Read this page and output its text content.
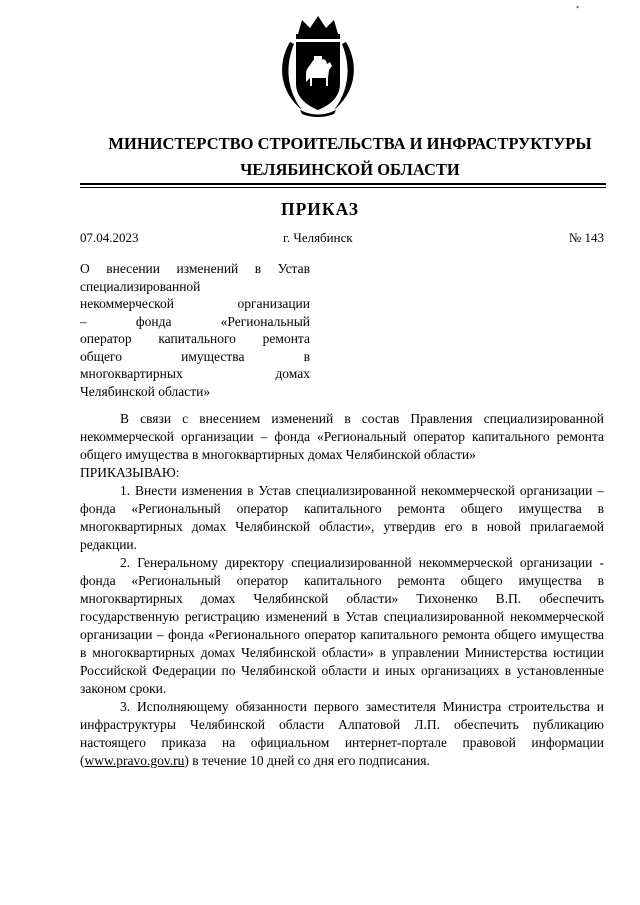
*
МИНИСТЕРСТВО СТРОИТЕЛЬСТВА И ИНФРАСТРУКТУРЫ
ЧЕЛЯБИНСКОЙ ОБЛАСТИ
ПРИКАЗ
07.04.2023	г. Челябинск	№ 143
О внесении изменений в Устав
специализированной
некоммерческой организации
– фонда «Региональный
оператор капитального ремонта
общего имущества в
многоквартирных домах
Челябинской области»

В связи с внесением изменений в состав Правления специализированной некоммерческой организации – фонда «Региональный оператор капитального ремонта общего имущества в многоквартирных домах Челябинской области»

ПРИКАЗЫВАЮ:

1. Внести изменения в Устав специализированной некоммерческой организации – фонда «Региональный оператор капитального ремонта общего имущества в многоквартирных домах Челябинской области», утвердив его в новой прилагаемой редакции.

2. Генеральному директору специализированной некоммерческой организации - фонда «Региональный оператор капитального ремонта общего имущества в многоквартирных домах Челябинской области» Тихоненко В.П. обеспечить государственную регистрацию изменений в Устав специализированной некоммерческой организации – фонда «Регионального оператор капитального ремонта общего имущества в многоквартирных домах Челябинской области» в управлении Министерства юстиции Российской Федерации по Челябинской области и иных организациях в установленные законом сроки.

3. Исполняющему обязанности первого заместителя Министра строительства и инфраструктуры Челябинской области Алпатовой Л.П. обеспечить публикацию настоящего приказа на официальном интернет-портале правовой информации (www.pravo.gov.ru) в течение 10 дней со дня его подписания.
